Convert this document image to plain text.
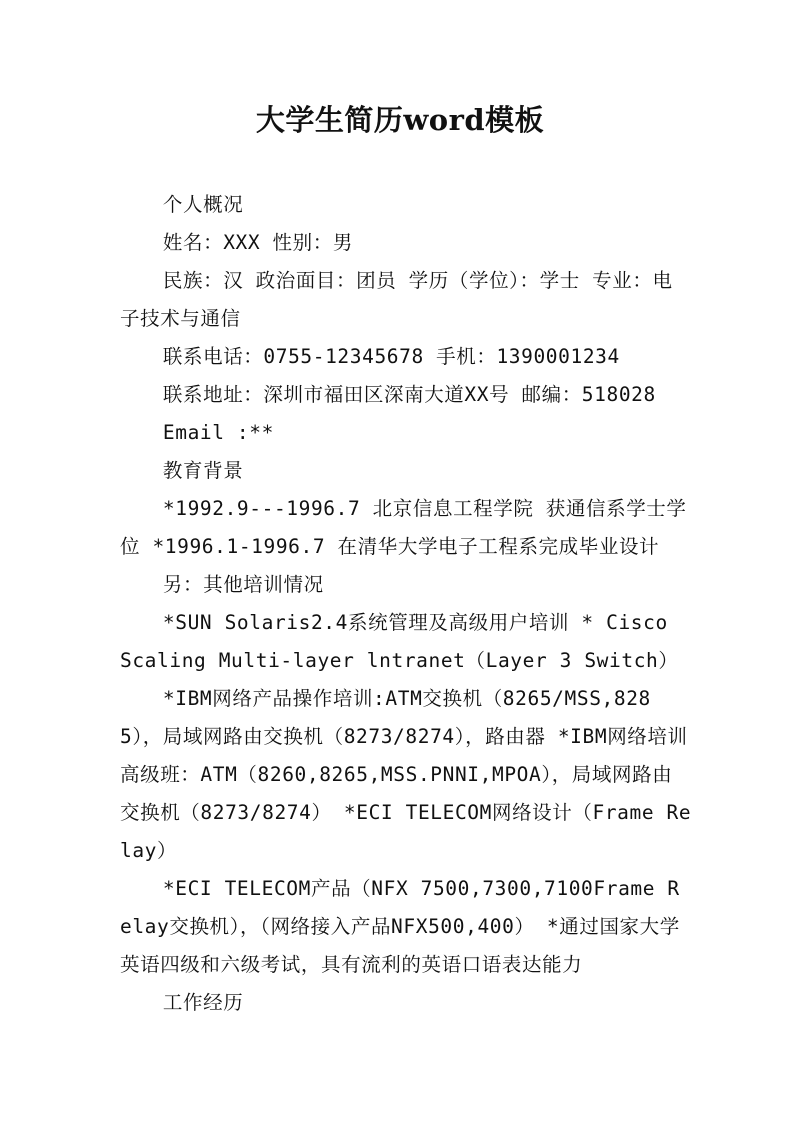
大学生简历word模板

个人概况

姓名：XXX 性别：男

民族：汉 政治面目：团员 学历（学位）：学士 专业：电子技术与通信

联系电话：0755-12345678 手机：1390001234

联系地址：深圳市福田区深南大道XX号 邮编：518028

Email :**

教育背景

*1992.9---1996.7 北京信息工程学院 获通信系学士学位 *1996.1-1996.7 在清华大学电子工程系完成毕业设计

另：其他培训情况

*SUN Solaris2.4系统管理及高级用户培训 * Cisco Scaling Multi-layer lntranet（Layer 3 Switch）

*IBM网络产品操作培训:ATM交换机（8265/MSS,8285），局域网路由交换机（8273/8274），路由器 *IBM网络培训高级班：ATM（8260,8265,MSS.PNNI,MPOA），局域网路由交换机（8273/8274） *ECI TELECOM网络设计（Frame Relay）

*ECI TELECOM产品（NFX 7500,7300,7100Frame Relay交换机），（网络接入产品NFX500,400） *通过国家大学英语四级和六级考试，具有流利的英语口语表达能力

工作经历
